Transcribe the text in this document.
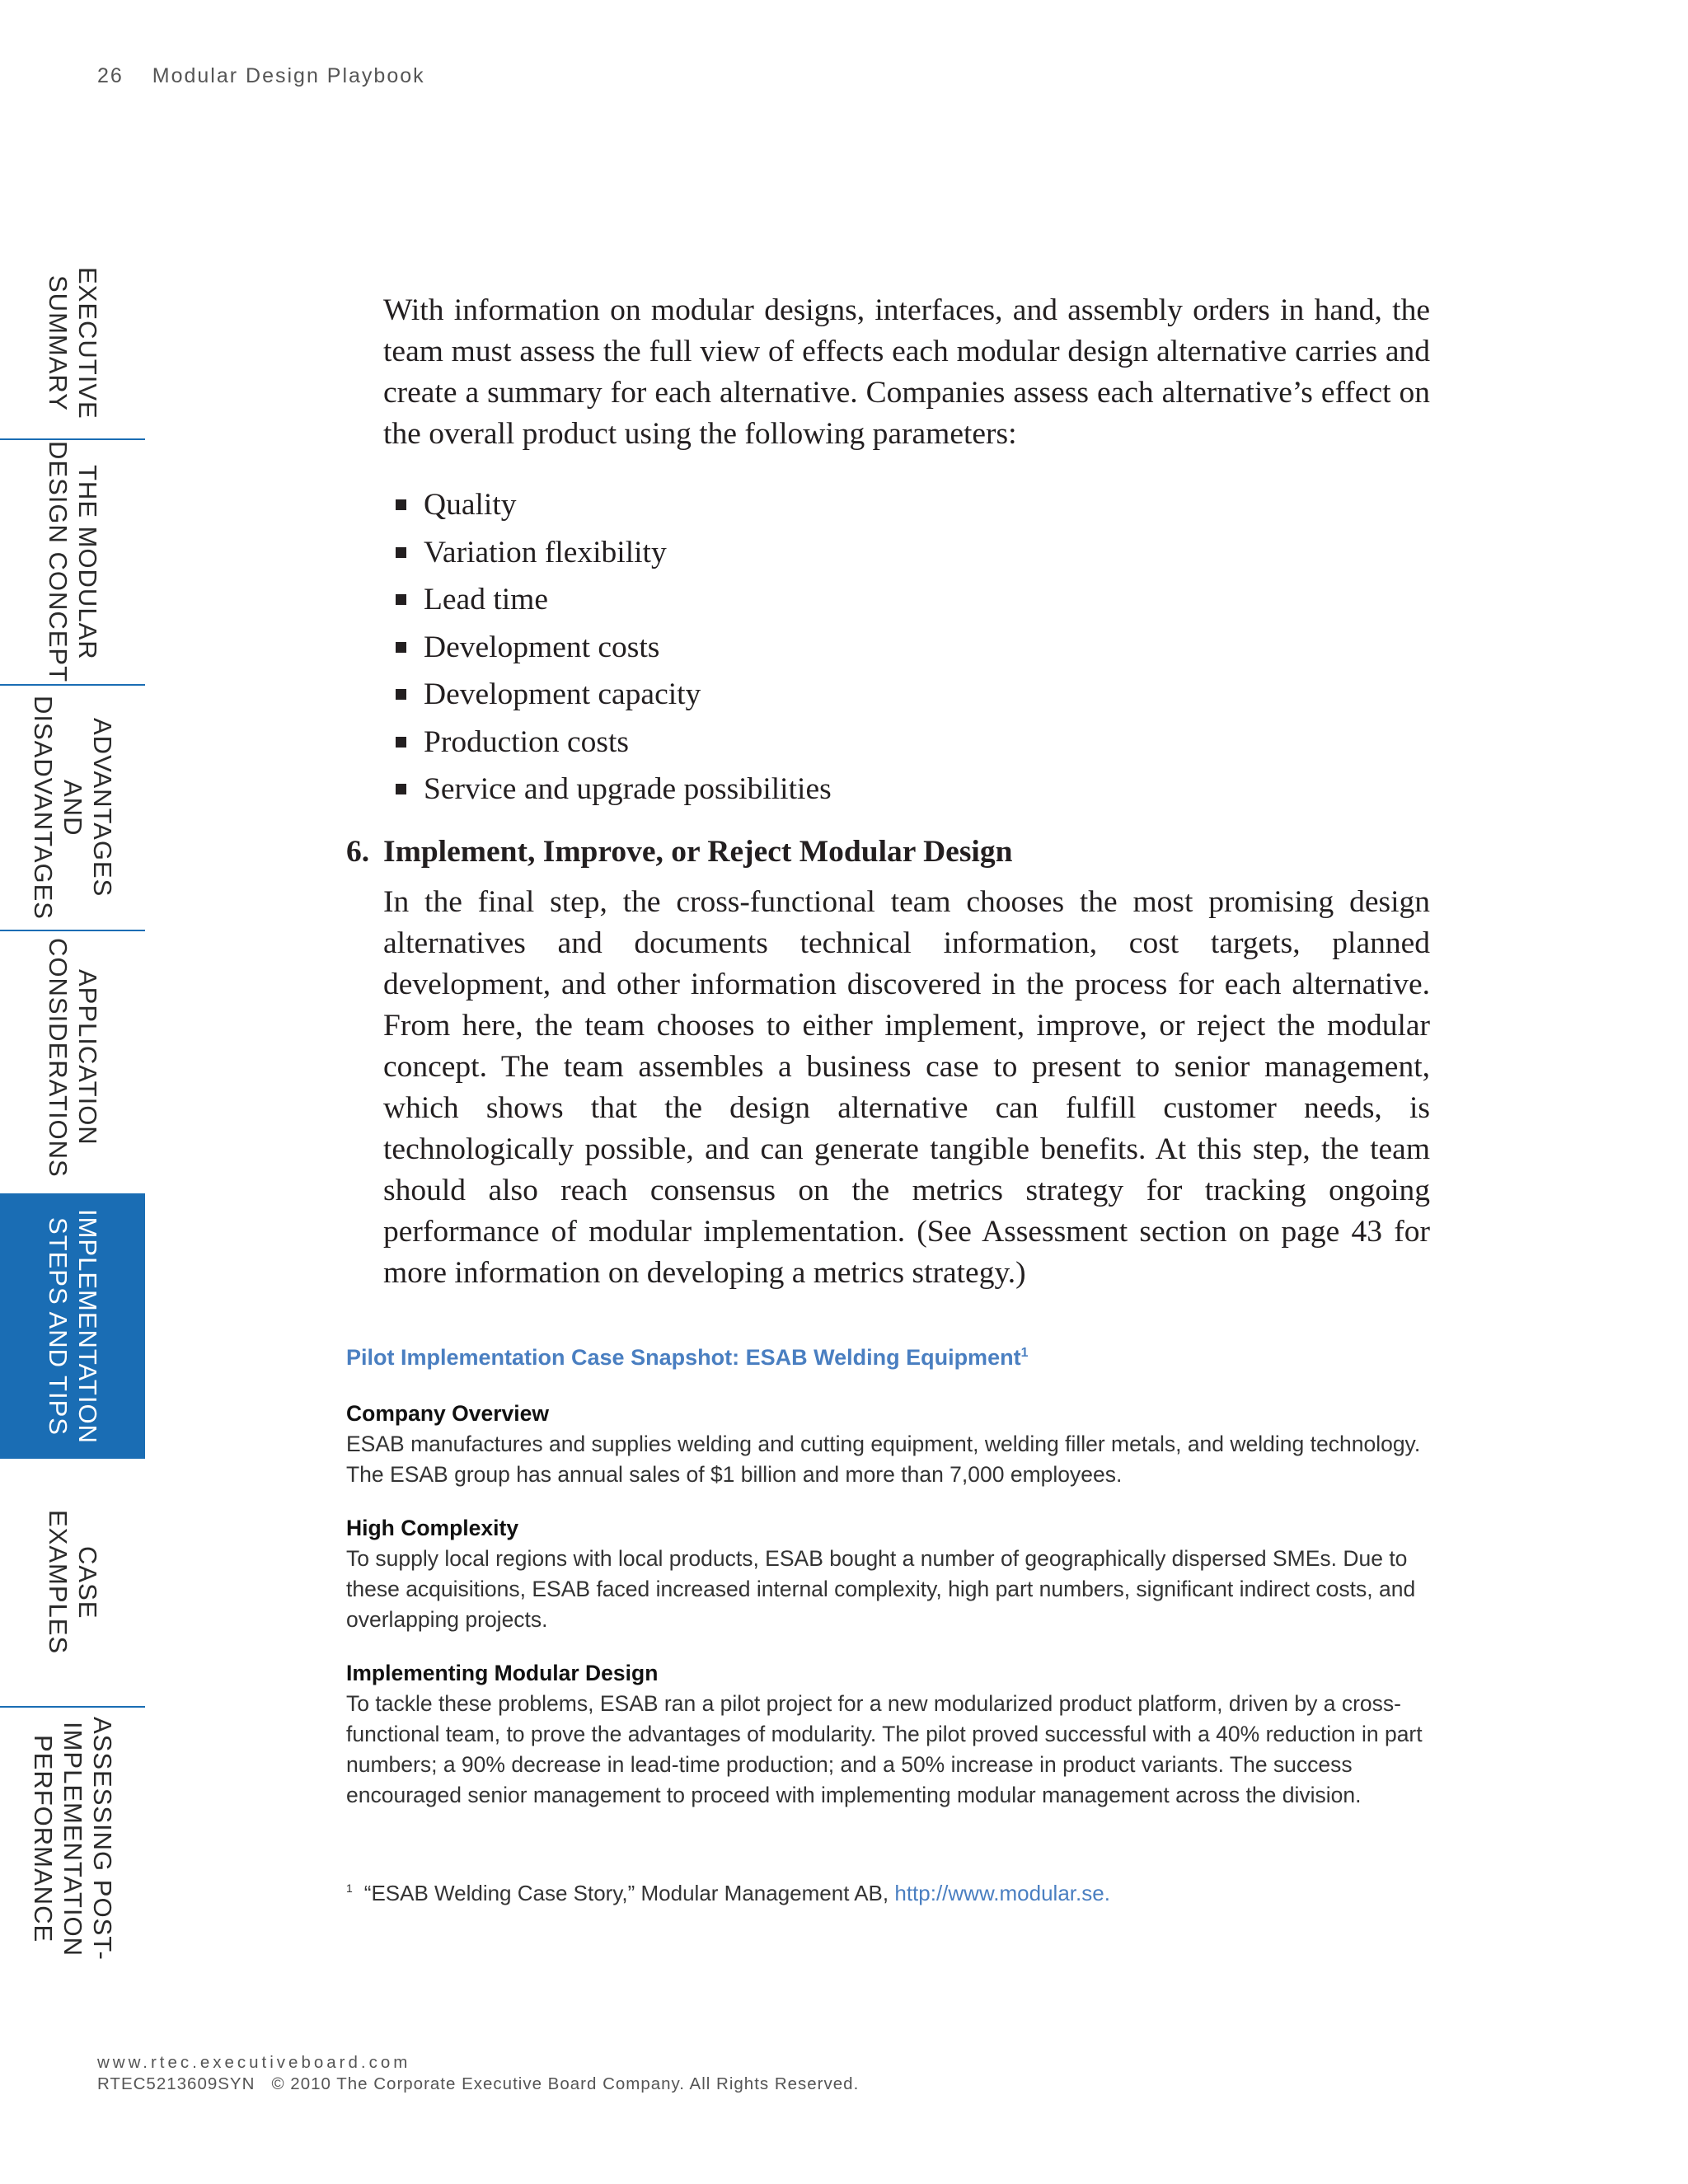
26 Modular Design Playbook
EXECUTIVE
SUMMARY
THE MODULAR
DESIGN CONCEPT
ADVANTAGES
AND
DISADVANTAGES
APPLICATION
CONSIDERATIONS
IMPLEMENTATION
STEPS AND TIPS
CASE
EXAMPLES
ASSESSING POST-
IMPLEMENTATION
PERFORMANCE

With information on modular designs, interfaces, and assembly orders in hand, the team must assess the full view of effects each modular design alternative carries and create a summary for each alternative. Companies assess each alternative’s effect on the overall product using the following parameters:

Quality
Variation flexibility
Lead time
Development costs
Development capacity
Production costs
Service and upgrade possibilities
6. Implement, Improve, or Reject Modular Design

In the final step, the cross-functional team chooses the most promising design alternatives and documents technical information, cost targets, planned development, and other information discovered in the process for each alternative. From here, the team chooses to either implement, improve, or reject the modular concept. The team assembles a business case to present to senior management, which shows that the design alternative can fulfill customer needs, is technologically possible, and can generate tangible benefits. At this step, the team should also reach consensus on the metrics strategy for tracking ongoing performance of modular implementation. (See Assessment section on page 43 for more information on developing a metrics strategy.)

Pilot Implementation Case Snapshot: ESAB Welding Equipment$^1$
Company Overview
ESAB manufactures and supplies welding and cutting equipment, welding filler metals, and welding technology. The ESAB group has annual sales of $1 billion and more than 7,000 employees.
High Complexity
To supply local regions with local products, ESAB bought a number of geographically dispersed SMEs. Due to these acquisitions, ESAB faced increased internal complexity, high part numbers, significant indirect costs, and overlapping projects.
Implementing Modular Design
To tackle these problems, ESAB ran a pilot project for a new modularized product platform, driven by a cross-functional team, to prove the advantages of modularity. The pilot proved successful with a 40% reduction in part numbers; a 90% decrease in lead-time production; and a 50% increase in product variants. The success encouraged senior management to proceed with implementing modular management across the division.
$^1$ “ESAB Welding Case Story,” Modular Management AB, http://www.modular.se.
www.rtec.executiveboard.com
RTEC5213609SYN © 2010 The Corporate Executive Board Company. All Rights Reserved.
